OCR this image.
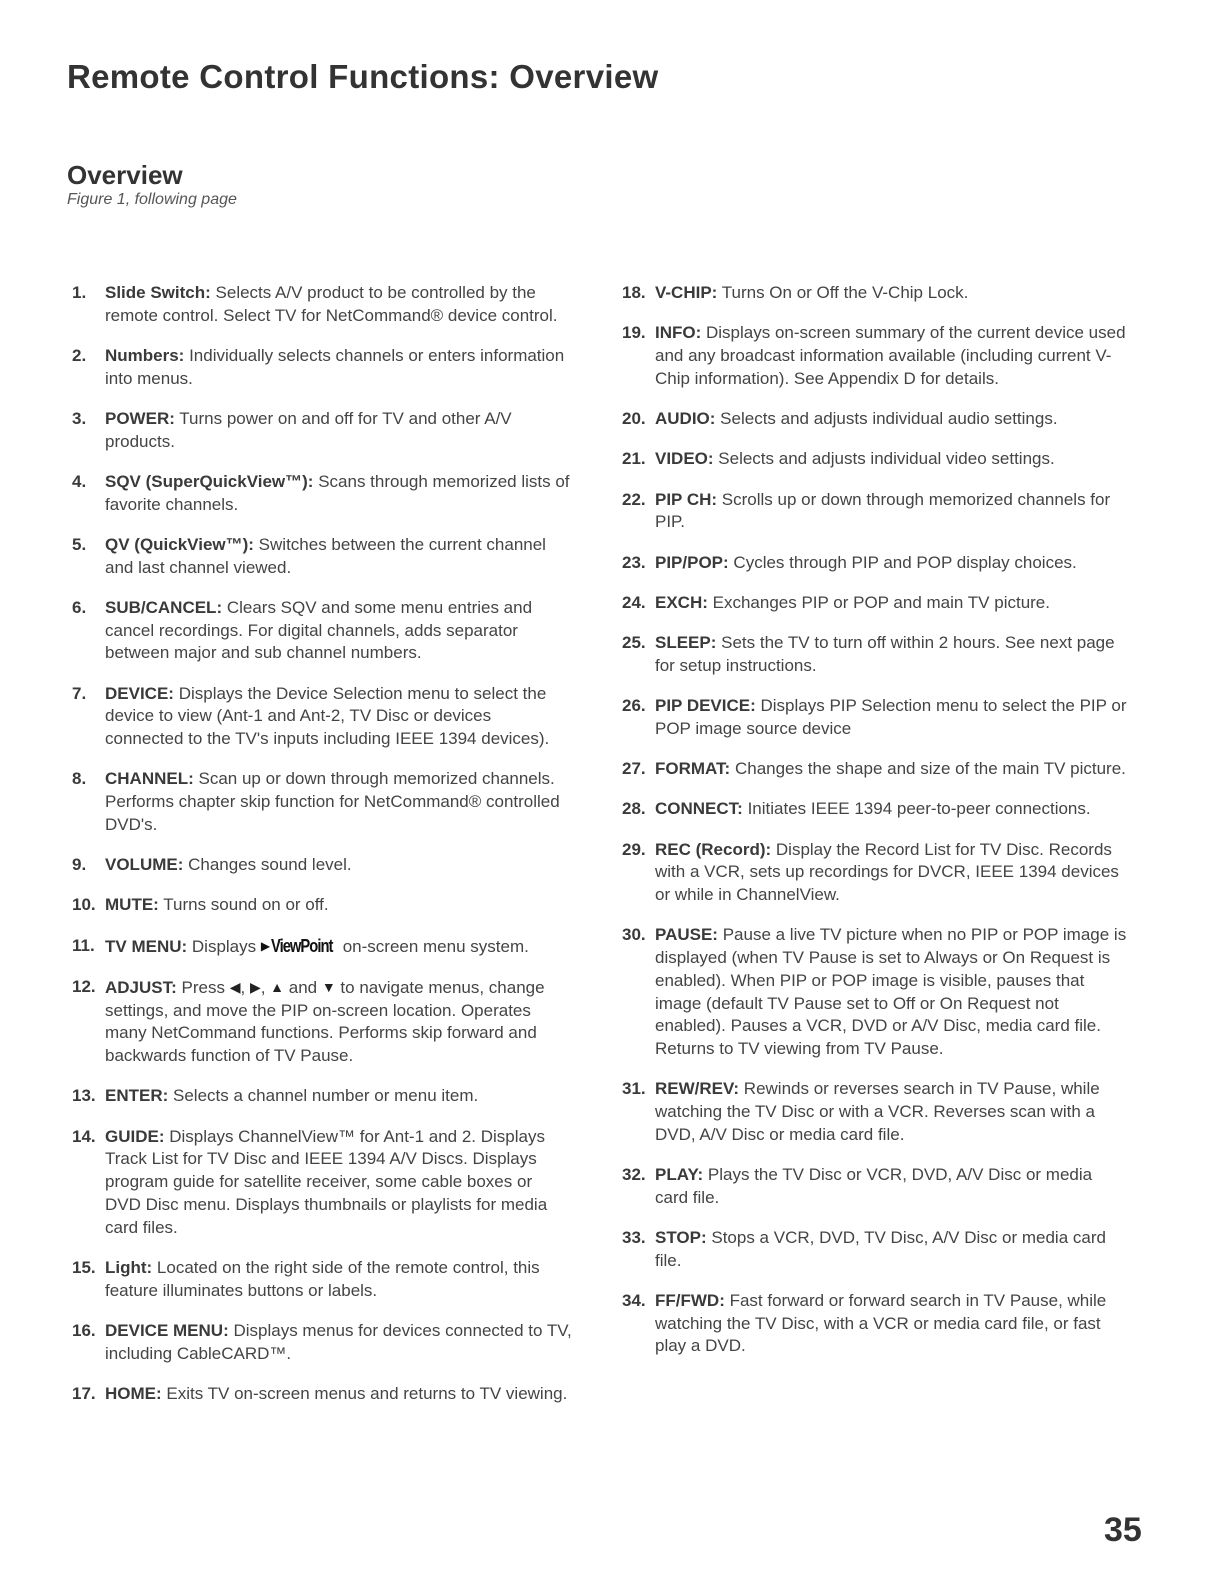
Remote Control Functions: Overview
Overview

Figure 1, following page

1. Slide Switch: Selects A/V product to be controlled by the remote control. Select TV for NetCommand® device control.
2. Numbers: Individually selects channels or enters information into menus.
3. POWER: Turns power on and off for TV and other A/V products.
4. SQV (SuperQuickView™): Scans through memorized lists of favorite channels.
5. QV (QuickView™): Switches between the current channel and last channel viewed.
6. SUB/CANCEL: Clears SQV and some menu entries and cancel recordings. For digital channels, adds separator between major and sub channel numbers.
7. DEVICE: Displays the Device Selection menu to select the device to view (Ant-1 and Ant-2, TV Disc or devices connected to the TV's inputs including IEEE 1394 devices).
8. CHANNEL: Scan up or down through memorized channels. Performs chapter skip function for NetCommand® controlled DVD's.
9. VOLUME: Changes sound level.
10. MUTE: Turns sound on or off.
11. TV MENU: Displays ▶ViewPoint on-screen menu system.
12. ADJUST: Press ◀, ▶, ▲ and ▼ to navigate menus, change settings, and move the PIP on-screen location. Operates many NetCommand functions. Performs skip forward and backwards function of TV Pause.
13. ENTER: Selects a channel number or menu item.
14. GUIDE: Displays ChannelView™ for Ant-1 and 2. Displays Track List for TV Disc and IEEE 1394 A/V Discs. Displays program guide for satellite receiver, some cable boxes or DVD Disc menu. Displays thumbnails or playlists for media card files.
15. Light: Located on the right side of the remote control, this feature illuminates buttons or labels.
16. DEVICE MENU: Displays menus for devices connected to TV, including CableCARD™.
17. HOME: Exits TV on-screen menus and returns to TV viewing.
18. V-CHIP: Turns On or Off the V-Chip Lock.
19. INFO: Displays on-screen summary of the current device used and any broadcast information available (including current V-Chip information). See Appendix D for details.
20. AUDIO: Selects and adjusts individual audio settings.
21. VIDEO: Selects and adjusts individual video settings.
22. PIP CH: Scrolls up or down through memorized channels for PIP.
23. PIP/POP: Cycles through PIP and POP display choices.
24. EXCH: Exchanges PIP or POP and main TV picture.
25. SLEEP: Sets the TV to turn off within 2 hours. See next page for setup instructions.
26. PIP DEVICE: Displays PIP Selection menu to select the PIP or POP image source device
27. FORMAT: Changes the shape and size of the main TV picture.
28. CONNECT: Initiates IEEE 1394 peer-to-peer connections.
29. REC (Record): Display the Record List for TV Disc. Records with a VCR, sets up recordings for DVCR, IEEE 1394 devices or while in ChannelView.
30. PAUSE: Pause a live TV picture when no PIP or POP image is displayed (when TV Pause is set to Always or On Request is enabled). When PIP or POP image is visible, pauses that image (default TV Pause set to Off or On Request not enabled). Pauses a VCR, DVD or A/V Disc, media card file. Returns to TV viewing from TV Pause.
31. REW/REV: Rewinds or reverses search in TV Pause, while watching the TV Disc or with a VCR. Reverses scan with a DVD, A/V Disc or media card file.
32. PLAY: Plays the TV Disc or VCR, DVD, A/V Disc or media card file.
33. STOP: Stops a VCR, DVD, TV Disc, A/V Disc or media card file.
34. FF/FWD: Fast forward or forward search in TV Pause, while watching the TV Disc, with a VCR or media card file, or fast play a DVD.

35
